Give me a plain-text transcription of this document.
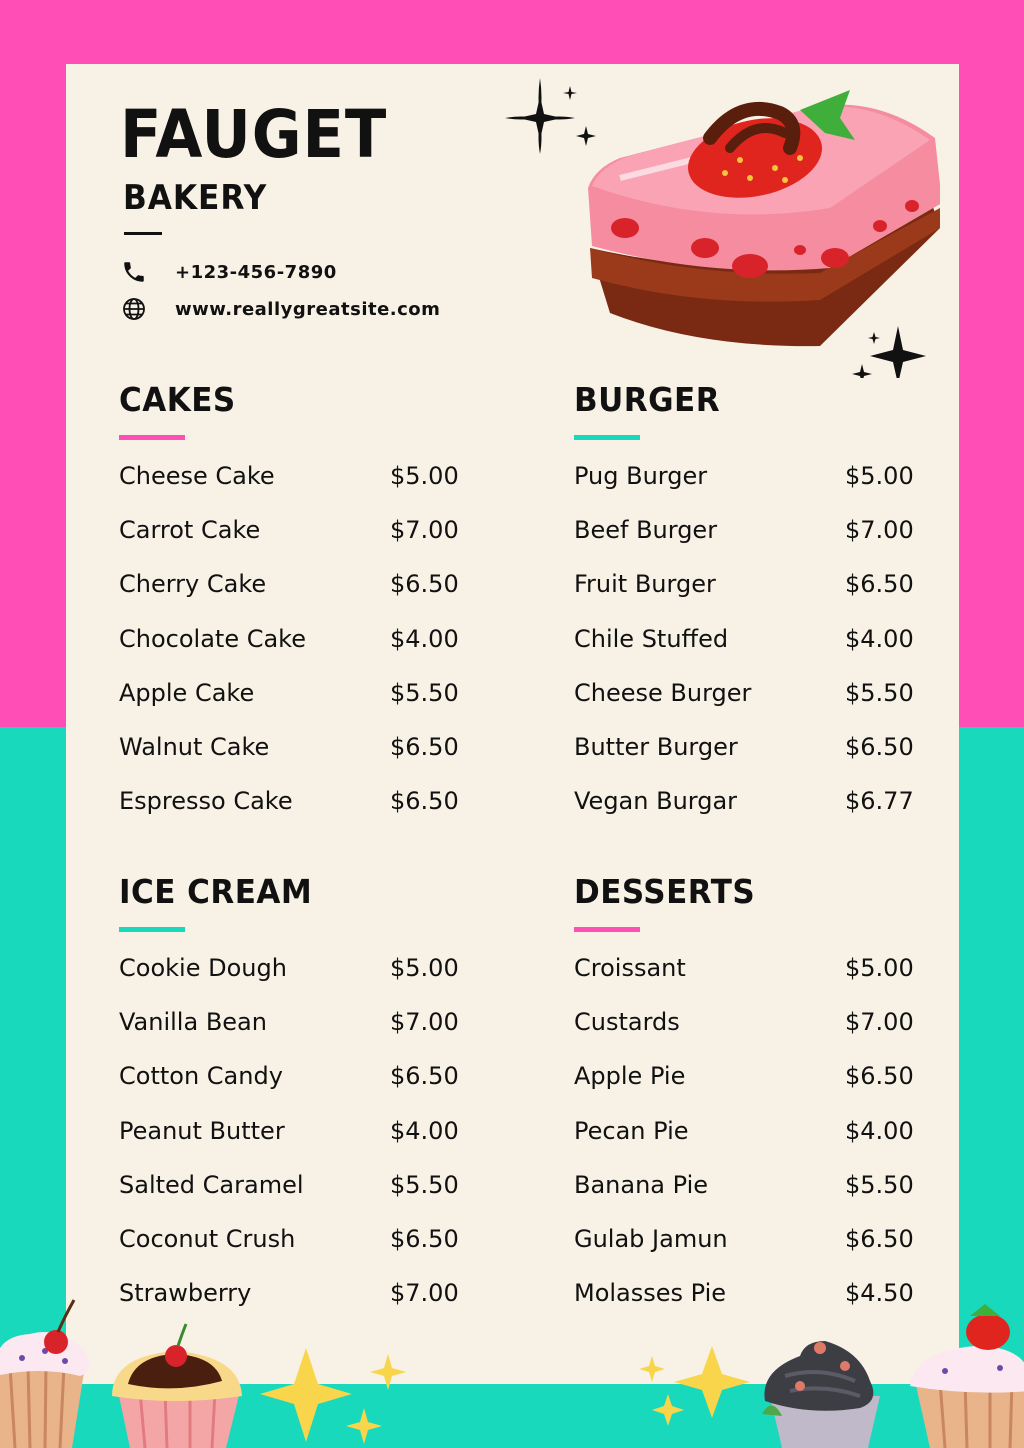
FAUGET
BAKERY
+123-456-7890
www.reallygreatsite.com
CAKES
Cheese Cake	$5.00
Carrot Cake	$7.00
Cherry Cake	$6.50
Chocolate Cake	$4.00
Apple Cake	$5.50
Walnut Cake	$6.50
Espresso Cake	$6.50
BURGER
Pug Burger	$5.00
Beef Burger	$7.00
Fruit Burger	$6.50
Chile Stuffed	$4.00
Cheese Burger	$5.50
Butter Burger	$6.50
Vegan Burgar	$6.77
ICE CREAM
Cookie Dough	$5.00
Vanilla Bean	$7.00
Cotton Candy	$6.50
Peanut Butter	$4.00
Salted Caramel	$5.50
Coconut Crush	$6.50
Strawberry	$7.00
DESSERTS
Croissant	$5.00
Custards	$7.00
Apple Pie	$6.50
Pecan Pie	$4.00
Banana Pie	$5.50
Gulab Jamun	$6.50
Molasses Pie	$4.50
